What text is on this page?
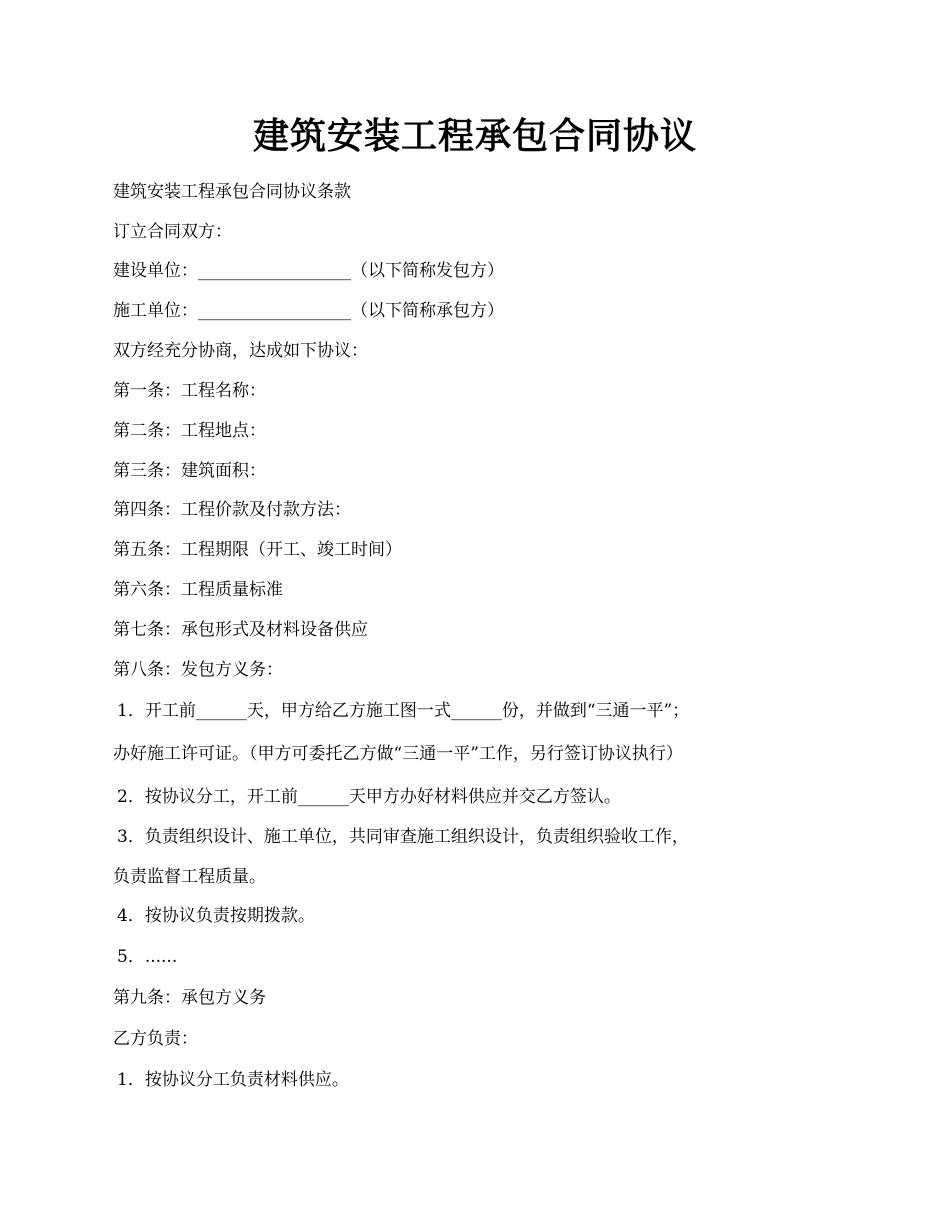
建筑安装工程承包合同协议
建筑安装工程承包合同协议条款
订立合同双方：
建设单位：__________________（以下简称发包方）
施工单位：__________________（以下简称承包方）
双方经充分协商，达成如下协议：
第一条：工程名称：
第二条：工程地点：
第三条：建筑面积：
第四条：工程价款及付款方法：
第五条：工程期限（开工、竣工时间）
第六条：工程质量标准
第七条：承包形式及材料设备供应
第八条：发包方义务：
1．开工前______天，甲方给乙方施工图一式______份，并做到“三通一平”；
办好施工许可证。（甲方可委托乙方做“三通一平”工作，另行签订协议执行）
2．按协议分工，开工前______天甲方办好材料供应并交乙方签认。
3．负责组织设计、施工单位，共同审查施工组织设计，负责组织验收工作，
负责监督工程质量。
4．按协议负责按期拨款。
5．......
第九条：承包方义务
乙方负责：
1．按协议分工负责材料供应。
